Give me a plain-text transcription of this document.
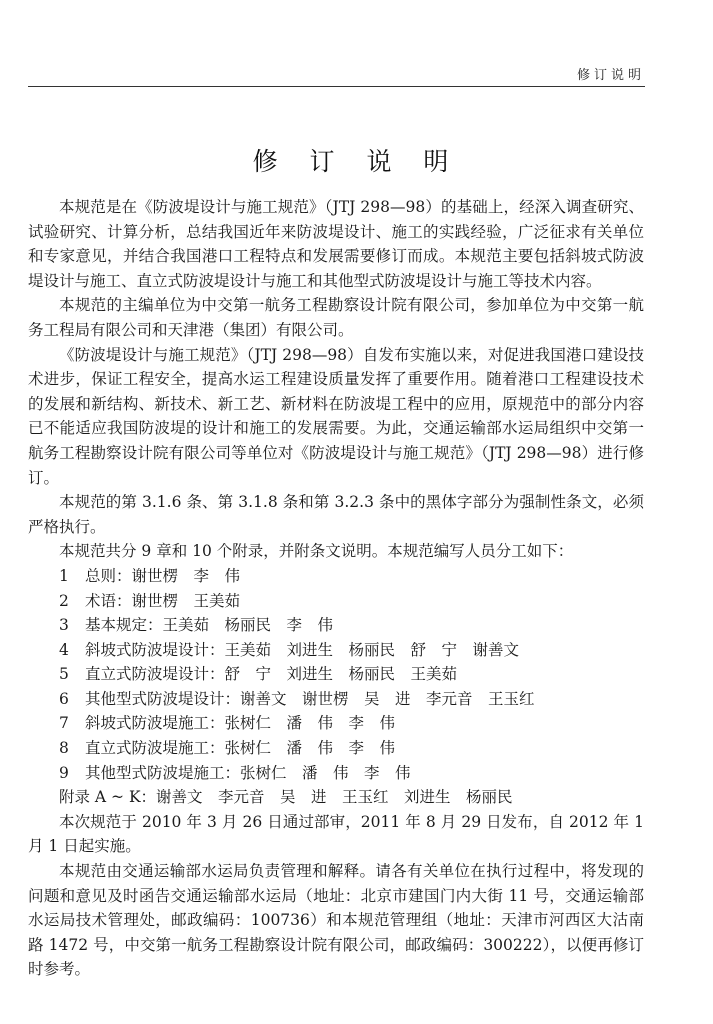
修订说明
修 订 说 明

本规范是在《防波堤设计与施工规范》（JTJ 298—98）的基础上，经深入调查研究、试验研究、计算分析，总结我国近年来防波堤设计、施工的实践经验，广泛征求有关单位和专家意见，并结合我国港口工程特点和发展需要修订而成。本规范主要包括斜坡式防波堤设计与施工、直立式防波堤设计与施工和其他型式防波堤设计与施工等技术内容。

本规范的主编单位为中交第一航务工程勘察设计院有限公司，参加单位为中交第一航务工程局有限公司和天津港（集团）有限公司。

《防波堤设计与施工规范》（JTJ 298—98）自发布实施以来，对促进我国港口建设技术进步，保证工程安全，提高水运工程建设质量发挥了重要作用。随着港口工程建设技术的发展和新结构、新技术、新工艺、新材料在防波堤工程中的应用，原规范中的部分内容已不能适应我国防波堤的设计和施工的发展需要。为此，交通运输部水运局组织中交第一航务工程勘察设计院有限公司等单位对《防波堤设计与施工规范》（JTJ 298—98）进行修订。

本规范的第 3.1.6 条、第 3.1.8 条和第 3.2.3 条中的黑体字部分为强制性条文，必须严格执行。

本规范共分 9 章和 10 个附录，并附条文说明。本规范编写人员分工如下：

1 总则：谢世楞　李　伟
2 术语：谢世楞　王美茹
3 基本规定：王美茹　杨丽民　李　伟
4 斜坡式防波堤设计：王美茹　刘进生　杨丽民　舒　宁　谢善文
5 直立式防波堤设计：舒　宁　刘进生　杨丽民　王美茹
6 其他型式防波堤设计：谢善文　谢世楞　吴　进　李元音　王玉红
7 斜坡式防波堤施工：张树仁　潘　伟　李　伟
8 直立式防波堤施工：张树仁　潘　伟　李　伟
9 其他型式防波堤施工：张树仁　潘　伟　李　伟
附录 A ~ K：谢善文　李元音　吴　进　王玉红　刘进生　杨丽民

本次规范于 2010 年 3 月 26 日通过部审，2011 年 8 月 29 日发布，自 2012 年 1 月 1 日起实施。

本规范由交通运输部水运局负责管理和解释。请各有关单位在执行过程中，将发现的问题和意见及时函告交通运输部水运局（地址：北京市建国门内大街 11 号，交通运输部水运局技术管理处，邮政编码：100736）和本规范管理组（地址：天津市河西区大沽南路 1472 号，中交第一航务工程勘察设计院有限公司，邮政编码：300222），以便再修订时参考。
